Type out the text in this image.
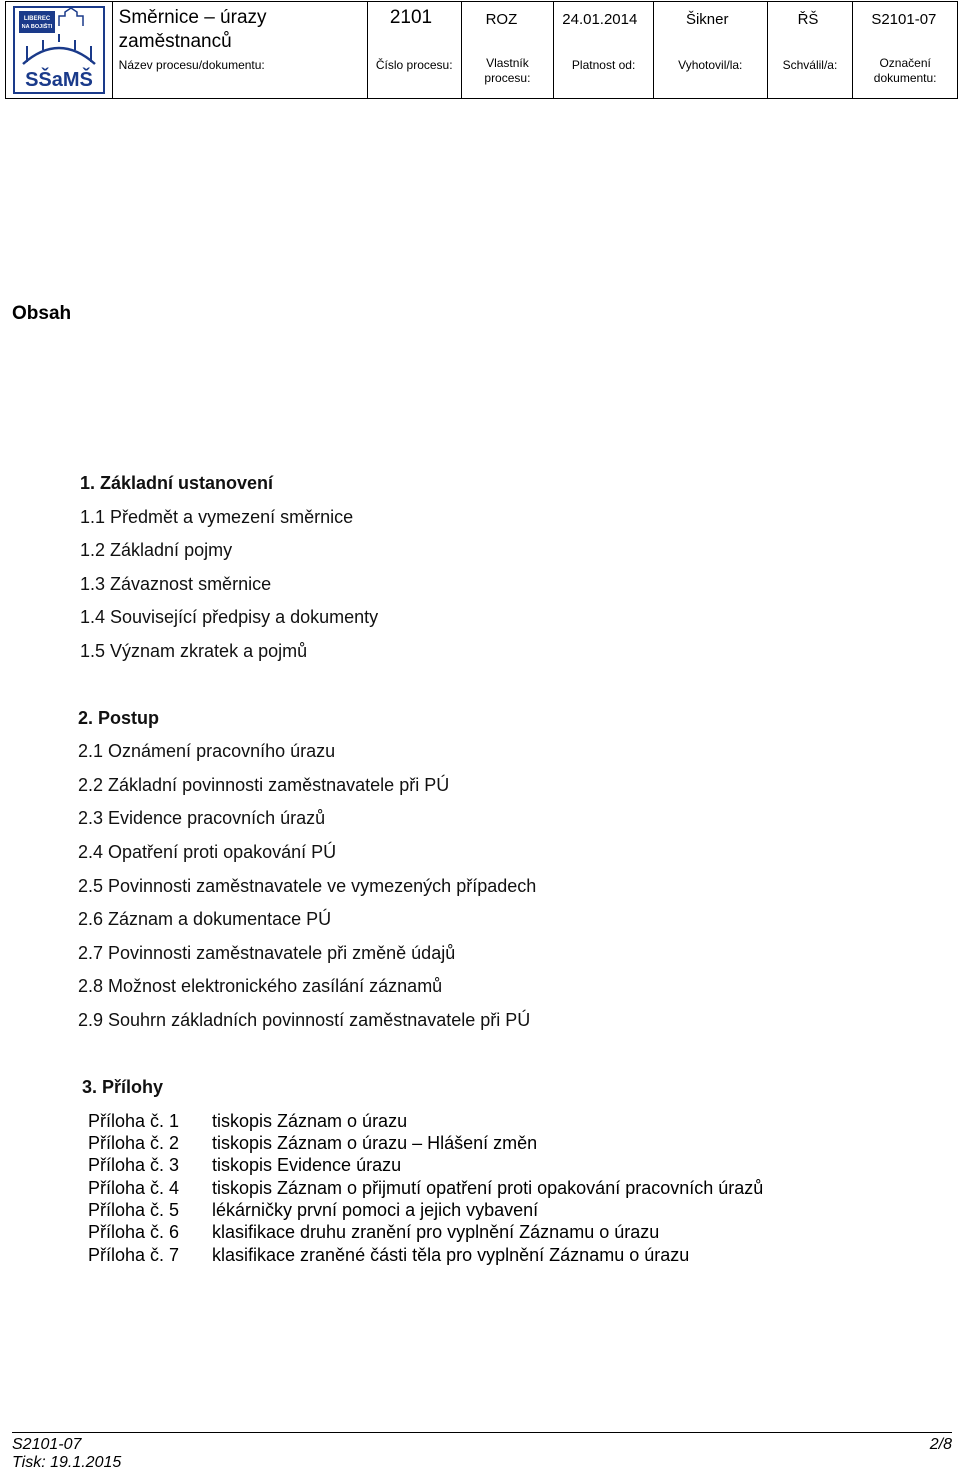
LIBEREC
NA BOJIŠTI
SŠaMŠ
Směrnice – úrazy zaměstnanců
Název procesu/dokumentu:
2101
Číslo procesu:
ROZ
Vlastník procesu:
24.01.2014
Platnost od:
Šikner
Vyhotovil/la:
ŘŠ
Schválil/a:
S2101-07
Označení dokumentu:
Obsah
1. Základní ustanovení
1.1 Předmět a vymezení směrnice
1.2 Základní pojmy
1.3 Závaznost směrnice
1.4 Související předpisy a dokumenty
1.5 Význam zkratek a pojmů
2. Postup
2.1 Oznámení pracovního úrazu
2.2 Základní povinnosti zaměstnavatele při PÚ
2.3 Evidence pracovních úrazů
2.4 Opatření proti opakování PÚ
2.5 Povinnosti zaměstnavatele ve vymezených případech
2.6 Záznam a dokumentace PÚ
2.7 Povinnosti zaměstnavatele při změně údajů
2.8 Možnost elektronického zasílání záznamů
2.9 Souhrn základních povinností zaměstnavatele při PÚ
3. Přílohy
Příloha č. 1 tiskopis Záznam o úrazu
Příloha č. 2 tiskopis Záznam o úrazu – Hlášení změn
Příloha č. 3 tiskopis Evidence úrazu
Příloha č. 4 tiskopis Záznam o přijmutí opatření proti opakování pracovních úrazů
Příloha č. 5 lékárničky první pomoci a jejich vybavení
Příloha č. 6 klasifikace druhu zranění pro vyplnění Záznamu o úrazu
Příloha č. 7 klasifikace zraněné části těla pro vyplnění Záznamu o úrazu
S2101-07
Tisk: 19.1.2015
2/8
